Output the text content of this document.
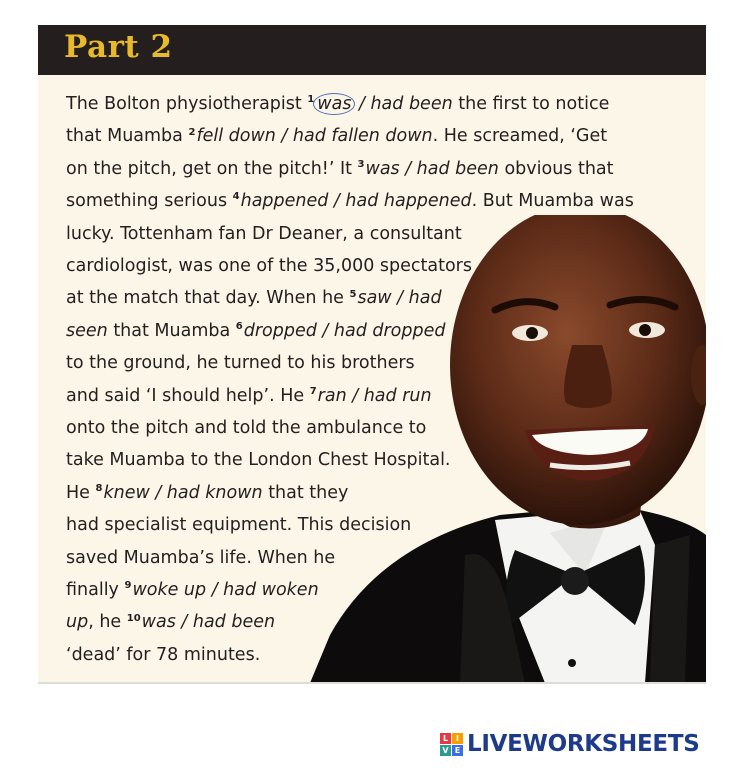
Part 2
The Bolton physiotherapist $^1$ was / had been the first to notice
that Muamba $^2$fell down / had fallen down. He screamed, ‘Get
on the pitch, get on the pitch!’ It $^3$was / had been obvious that
something serious $^4$happened / had happened. But Muamba was
lucky. Tottenham fan Dr Deaner, a consultant
cardiologist, was one of the 35,000 spectators
at the match that day. When he $^5$saw / had
seen that Muamba $^6$dropped / had dropped
to the ground, he turned to his brothers
and said ‘I should help’. He $^7$ran / had run
onto the pitch and told the ambulance to
take Muamba to the London Chest Hospital.
He $^8$knew / had known that they
had specialist equipment. This decision
saved Muamba’s life. When he
finally $^9$woke up / had woken
up, he $^{10}$was / had been
‘dead’ for 78 minutes.
L I
V E LIVEWORKSHEETS
